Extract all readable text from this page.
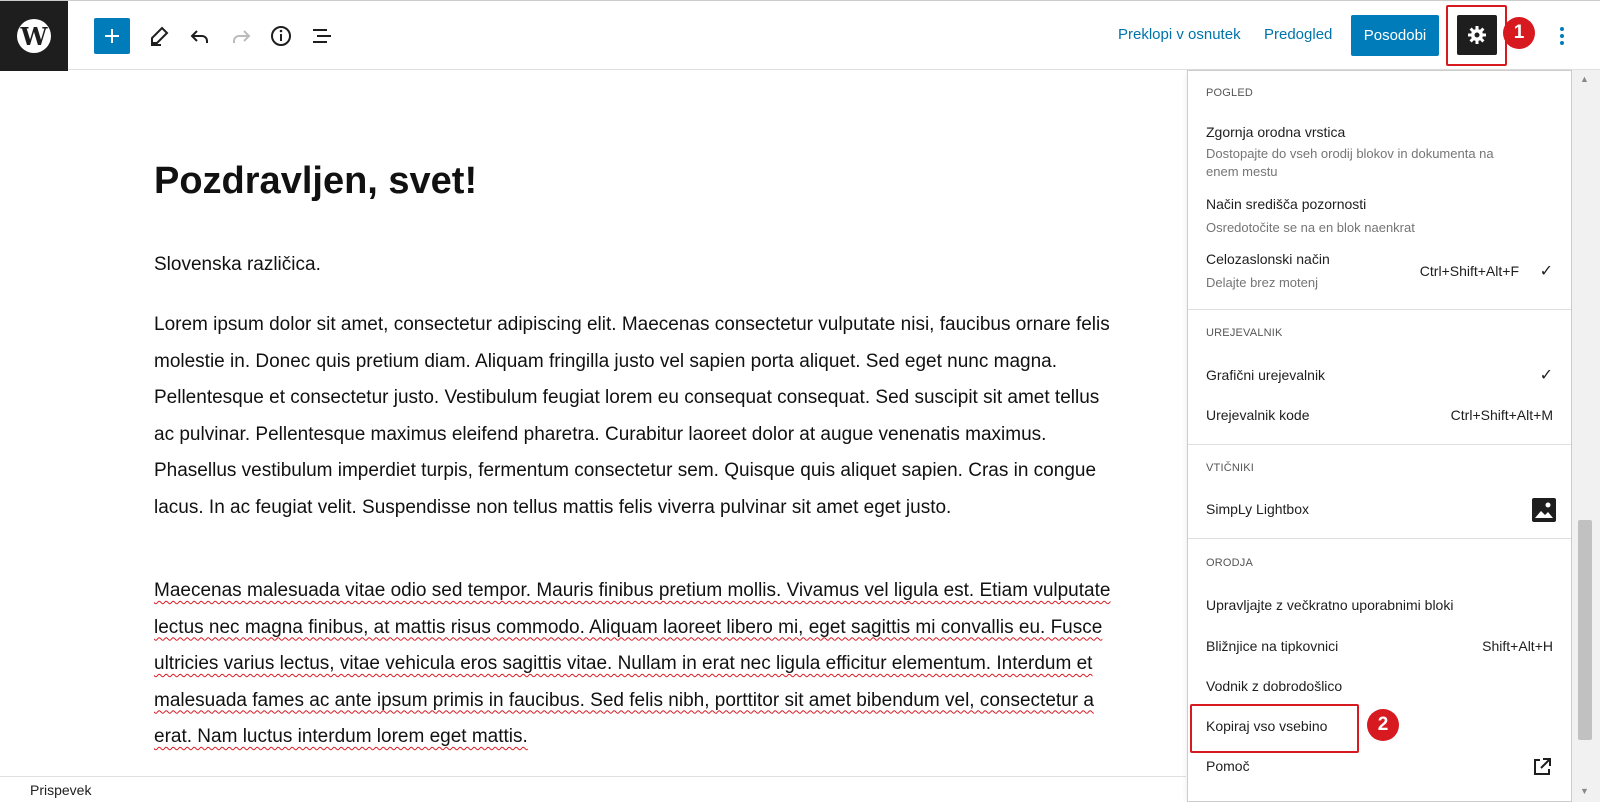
W	Preklopi v osnutek Predogled	Posodobi	1
Pozdravljen, svet!

Slovenska različica.

Lorem ipsum dolor sit amet, consectetur adipiscing elit. Maecenas consectetur vulputate nisi, faucibus ornare felis molestie in. Donec quis pretium diam. Aliquam fringilla justo vel sapien porta aliquet. Sed eget nunc magna. Pellentesque et consectetur justo. Vestibulum feugiat lorem eu consequat consequat. Sed suscipit sit amet tellus ac pulvinar. Pellentesque maximus eleifend pharetra. Curabitur laoreet dolor at augue venenatis maximus. Phasellus vestibulum imperdiet turpis, fermentum consectetur sem. Quisque quis aliquet sapien. Cras in congue lacus. In ac feugiat velit. Suspendisse non tellus mattis felis viverra pulvinar sit amet eget justo.

Maecenas malesuada vitae odio sed tempor. Mauris finibus pretium mollis. Vivamus vel ligula est. Etiam vulputate lectus nec magna finibus, at mattis risus commodo. Aliquam laoreet libero mi, eget sagittis mi convallis eu. Fusce ultricies varius lectus, vitae vehicula eros sagittis vitae. Nullam in erat nec ligula efficitur elementum. Interdum et malesuada fames ac ante ipsum primis in faucibus. Sed felis nibh, porttitor sit amet bibendum vel, consectetur a erat. Nam luctus interdum lorem eget mattis.

Prispevek
POGLED
Zgornja orodna vrstica
Dostopajte do vseh orodij blokov in dokumenta na enem mestu
Način središča pozornosti
Osredotočite se na en blok naenkrat
Celozaslonski način
Delajte brez motenj
Ctrl+Shift+Alt+F ✓
UREJEVALNIK
Grafični urejevalnik	✓
Urejevalnik kode	Ctrl+Shift+Alt+M
VTIČNIKI
SimpLy Lightbox
ORODJA
Upravljajte z večkratno uporabnimi bloki
Bližnjice na tipkovnici	Shift+Alt+H
Vodnik z dobrodošlico
Kopiraj vso vsebino
Pomoč
2
▲
▼
